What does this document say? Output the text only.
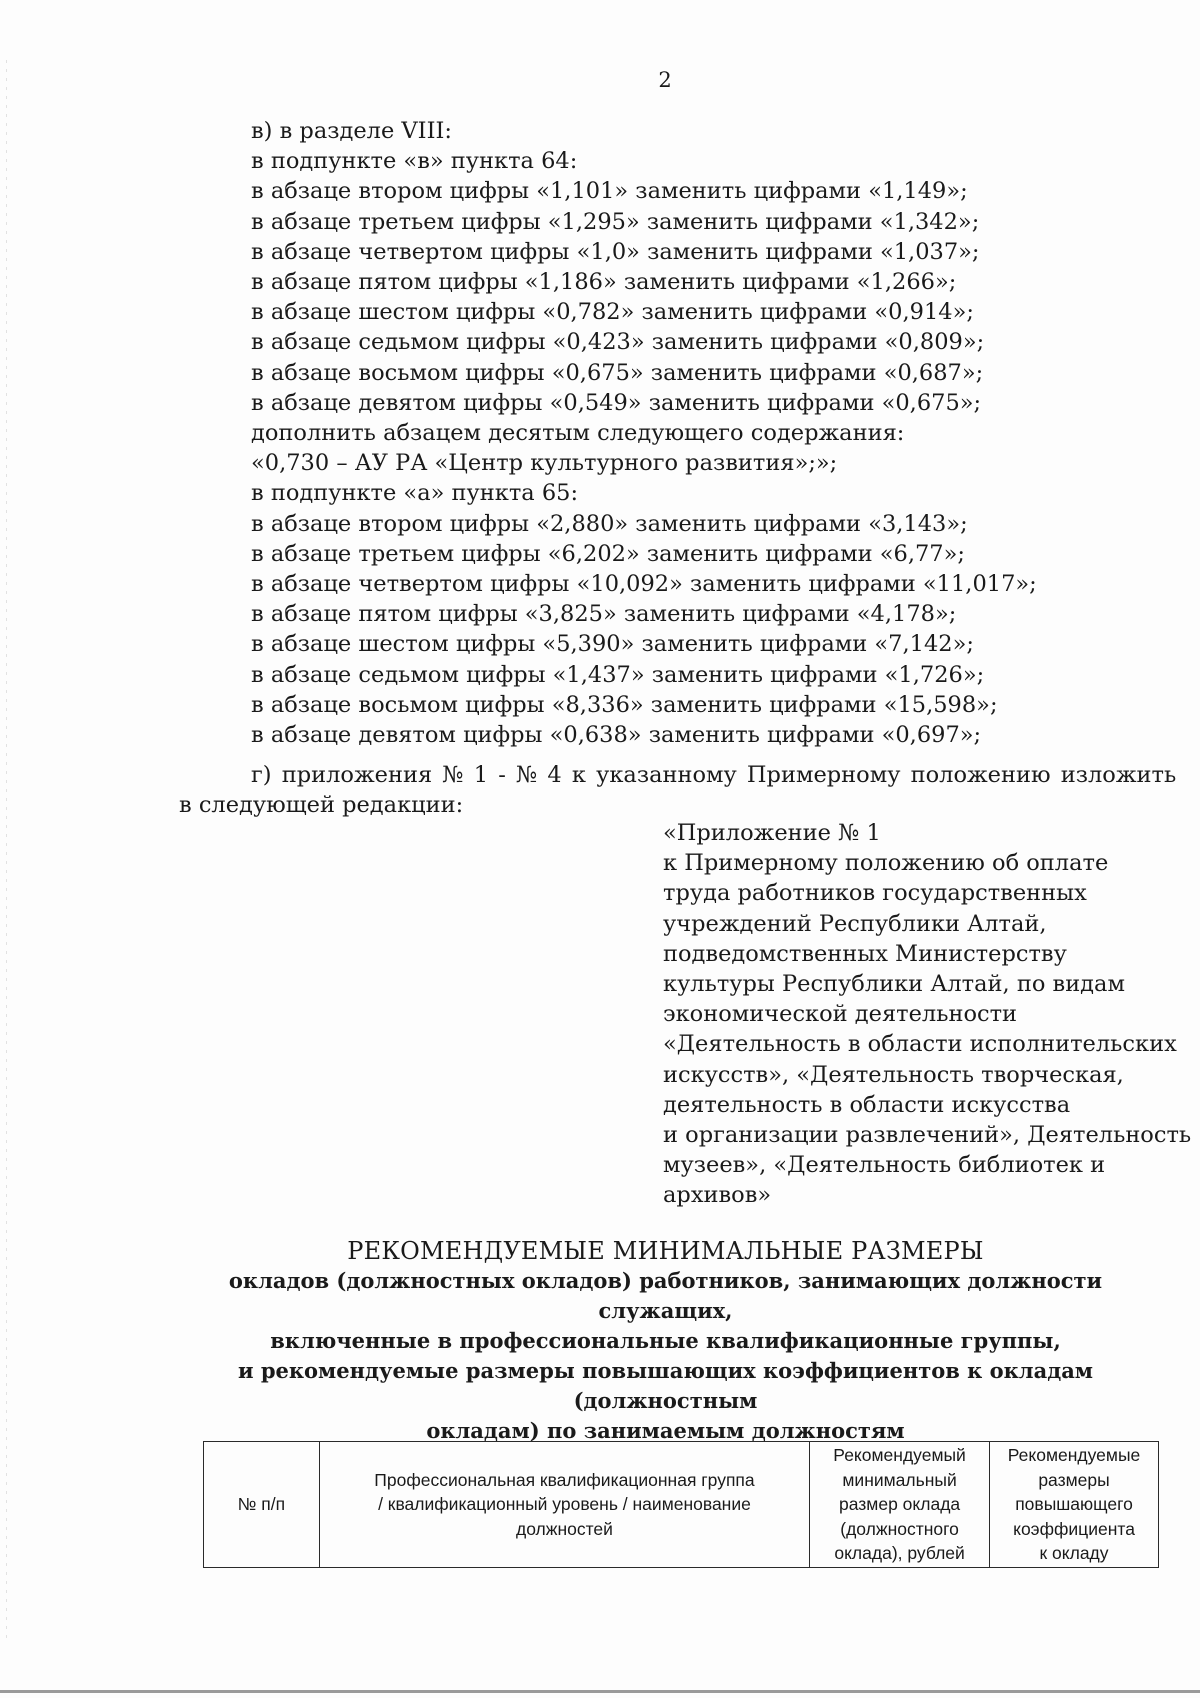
2
в) в разделе VIII:
в подпункте «в» пункта 64:
в абзаце втором цифры «1,101» заменить цифрами «1,149»;
в абзаце третьем цифры «1,295» заменить цифрами «1,342»;
в абзаце четвертом цифры «1,0» заменить цифрами «1,037»;
в абзаце пятом цифры «1,186» заменить цифрами «1,266»;
в абзаце шестом цифры «0,782» заменить цифрами «0,914»;
в абзаце седьмом цифры «0,423» заменить цифрами «0,809»;
в абзаце восьмом цифры «0,675» заменить цифрами «0,687»;
в абзаце девятом цифры «0,549» заменить цифрами «0,675»;
дополнить абзацем десятым следующего содержания:
«0,730 – АУ РА «Центр культурного развития»;»;
в подпункте «а» пункта 65:
в абзаце втором цифры «2,880» заменить цифрами «3,143»;
в абзаце третьем цифры «6,202» заменить цифрами «6,77»;
в абзаце четвертом цифры «10,092» заменить цифрами «11,017»;
в абзаце пятом цифры «3,825» заменить цифрами «4,178»;
в абзаце шестом цифры «5,390» заменить цифрами «7,142»;
в абзаце седьмом цифры «1,437» заменить цифрами «1,726»;
в абзаце восьмом цифры «8,336» заменить цифрами «15,598»;
в абзаце девятом цифры «0,638» заменить цифрами «0,697»;
г) приложения № 1 - № 4 к указанному Примерному положению изложить
в следующей редакции:
«Приложение № 1
к Примерному положению об оплате
труда работников государственных
учреждений Республики Алтай,
подведомственных Министерству
культуры Республики Алтай, по видам
экономической деятельности
«Деятельность в области исполнительских
искусств», «Деятельность творческая,
деятельность в области искусства
и организации развлечений», Деятельность
музеев», «Деятельность библиотек и
архивов»
РЕКОМЕНДУЕМЫЕ МИНИМАЛЬНЫЕ РАЗМЕРЫ
окладов (должностных окладов) работников, занимающих должности служащих,
включенные в профессиональные квалификационные группы,
и рекомендуемые размеры повышающих коэффициентов к окладам (должностным
окладам) по занимаемым должностям
№ п/п

Профессиональная квалификационная группа
/ квалификационный уровень / наименование
должностей

Рекомендуемый
минимальный
размер оклада
(должностного
оклада), рублей

Рекомендуемые
размеры
повышающего
коэффициента
к окладу
